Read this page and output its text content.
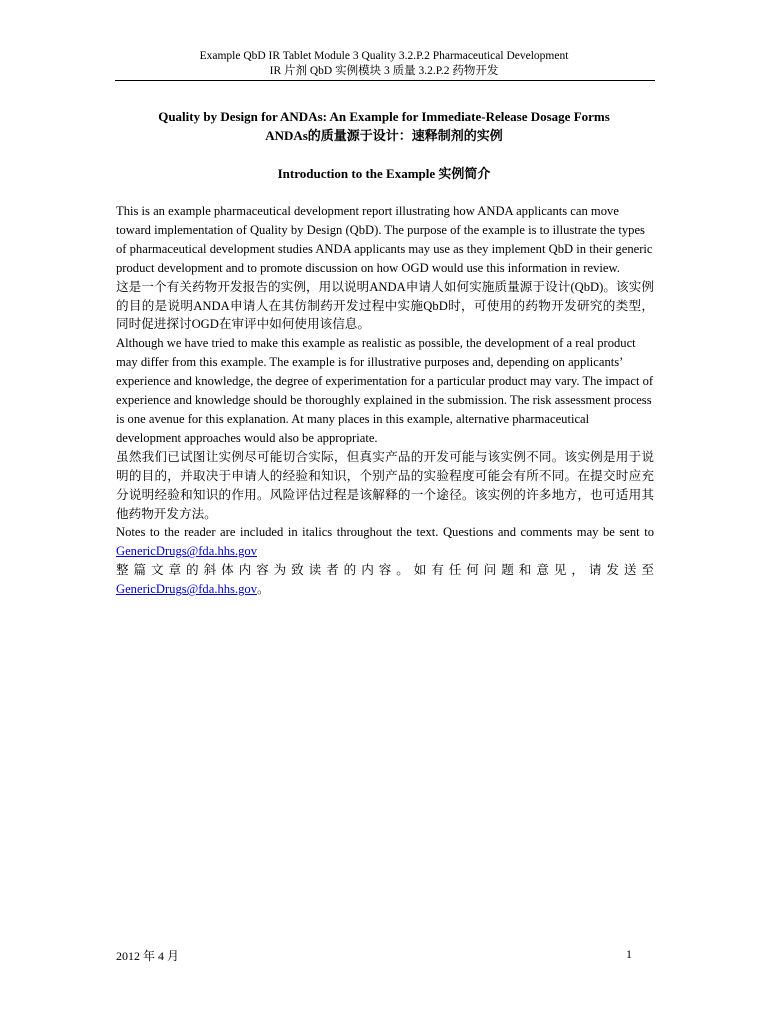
Example QbD IR Tablet Module 3 Quality 3.2.P.2 Pharmaceutical Development
IR 片剂 QbD 实例模块 3 质量 3.2.P.2 药物开发
Quality by Design for ANDAs: An Example for Immediate-Release Dosage Forms
ANDAs的质量源于设计：速释制剂的实例
Introduction to the Example 实例简介

This is an example pharmaceutical development report illustrating how ANDA applicants can move toward implementation of Quality by Design (QbD). The purpose of the example is to illustrate the types of pharmaceutical development studies ANDA applicants may use as they implement QbD in their generic product development and to promote discussion on how OGD would use this information in review.

这是一个有关药物开发报告的实例，用以说明ANDA申请人如何实施质量源于设计(QbD)。该实例的目的是说明ANDA申请人在其仿制药开发过程中实施QbD时，可使用的药物开发研究的类型，同时促进探讨OGD在审评中如何使用该信息。

Although we have tried to make this example as realistic as possible, the development of a real product may differ from this example. The example is for illustrative purposes and, depending on applicants’ experience and knowledge, the degree of experimentation for a particular product may vary. The impact of experience and knowledge should be thoroughly explained in the submission. The risk assessment process is one avenue for this explanation. At many places in this example, alternative pharmaceutical development approaches would also be appropriate.

虽然我们已试图让实例尽可能切合实际，但真实产品的开发可能与该实例不同。该实例是用于说明的目的，并取决于申请人的经验和知识，个别产品的实验程度可能会有所不同。在提交时应充分说明经验和知识的作用。风险评估过程是该解释的一个途径。该实例的许多地方，也可适用其他药物开发方法。

Notes to the reader are included in italics throughout the text. Questions and comments may be sent to GenericDrugs@fda.hhs.gov

整篇文章的斜体内容为致读者的内容。如有任何问题和意见，请发送至

GenericDrugs@fda.hhs.gov。

2012 年 4 月	1
